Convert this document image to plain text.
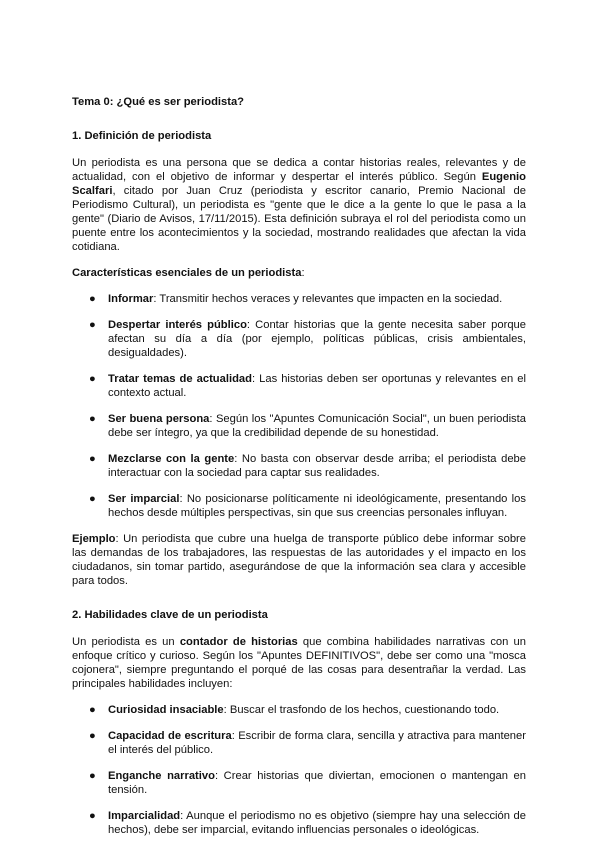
Tema 0: ¿Qué es ser periodista?

1. Definición de periodista

Un periodista es una persona que se dedica a contar historias reales, relevantes y de actualidad, con el objetivo de informar y despertar el interés público. Según Eugenio Scalfari, citado por Juan Cruz (periodista y escritor canario, Premio Nacional de Periodismo Cultural), un periodista es "gente que le dice a la gente lo que le pasa a la gente" (Diario de Avisos, 17/11/2015). Esta definición subraya el rol del periodista como un puente entre los acontecimientos y la sociedad, mostrando realidades que afectan la vida cotidiana.

Características esenciales de un periodista:

● Informar: Transmitir hechos veraces y relevantes que impacten en la sociedad.
● Despertar interés público: Contar historias que la gente necesita saber porque afectan su día a día (por ejemplo, políticas públicas, crisis ambientales, desigualdades).
● Tratar temas de actualidad: Las historias deben ser oportunas y relevantes en el contexto actual.
● Ser buena persona: Según los "Apuntes Comunicación Social", un buen periodista debe ser íntegro, ya que la credibilidad depende de su honestidad.
● Mezclarse con la gente: No basta con observar desde arriba; el periodista debe interactuar con la sociedad para captar sus realidades.
● Ser imparcial: No posicionarse políticamente ni ideológicamente, presentando los hechos desde múltiples perspectivas, sin que sus creencias personales influyan.

Ejemplo: Un periodista que cubre una huelga de transporte público debe informar sobre las demandas de los trabajadores, las respuestas de las autoridades y el impacto en los ciudadanos, sin tomar partido, asegurándose de que la información sea clara y accesible para todos.

2. Habilidades clave de un periodista

Un periodista es un contador de historias que combina habilidades narrativas con un enfoque crítico y curioso. Según los "Apuntes DEFINITIVOS", debe ser como una "mosca cojonera", siempre preguntando el porqué de las cosas para desentrañar la verdad. Las principales habilidades incluyen:

● Curiosidad insaciable: Buscar el trasfondo de los hechos, cuestionando todo.
● Capacidad de escritura: Escribir de forma clara, sencilla y atractiva para mantener el interés del público.
● Enganche narrativo: Crear historias que diviertan, emocionen o mantengan en tensión.
● Imparcialidad: Aunque el periodismo no es objetivo (siempre hay una selección de hechos), debe ser imparcial, evitando influencias personales o ideológicas.
